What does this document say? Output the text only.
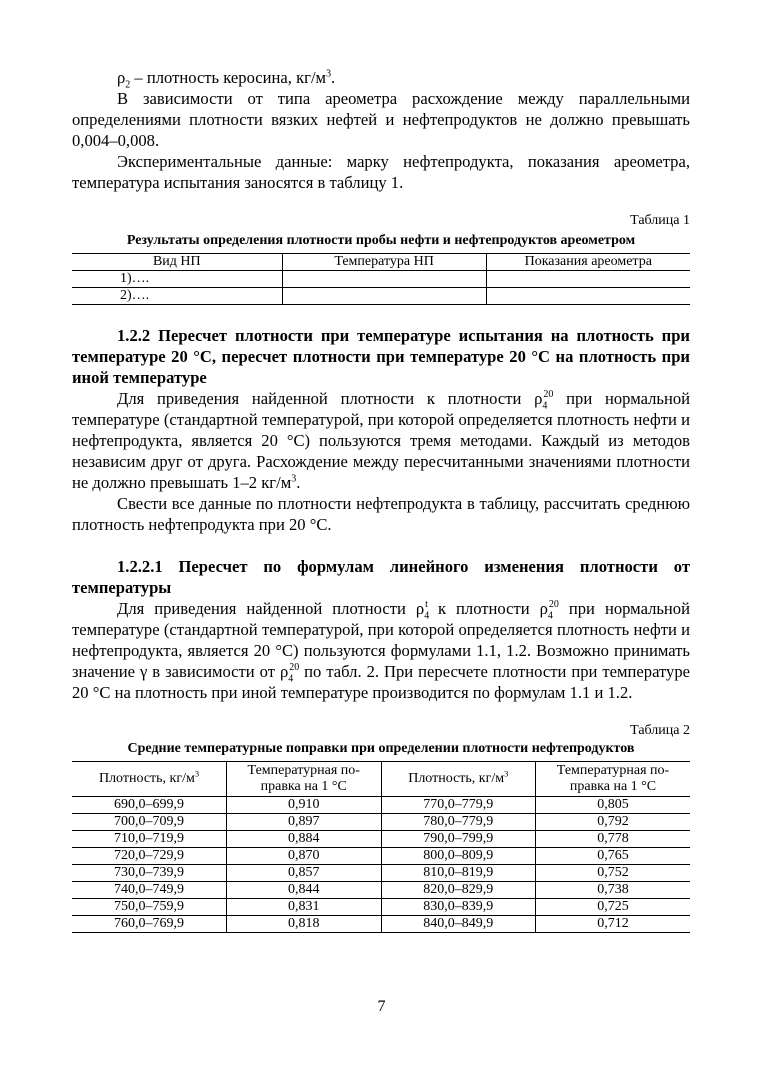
$\rho_2$ – плотность керосина, $кг/м^3$.

В зависимости от типа ареометра расхождение между параллельными определениями плотности вязких нефтей и нефтепродуктов не должно превышать 0,004–0,008.

Экспериментальные данные: марку нефтепродукта, показания ареометра, температура испытания заносятся в таблицу 1.

Таблица 1

Результаты определения плотности пробы нефти и нефтепродуктов ареометром

Вид НП	Температура НП	Показания ареометра
1)….		
2)….		

1.2.2 Пересчет плотности при температуре испытания на плотность при температуре 20 °С, пересчет плотности при температуре 20 °С на плотность при иной температуре

Для приведения найденной плотности к плотности $\rho_4^{20}$ при нормальной температуре (стандартной температурой, при которой определяется плотность нефти и нефтепродукта, является 20 °С) пользуются тремя методами. Каждый из методов независим друг от друга. Расхождение между пересчитанными значениями плотности не должно превышать 1–2 $кг/м^3$.

Свести все данные по плотности нефтепродукта в таблицу, рассчитать среднюю плотность нефтепродукта при 20 °С.

1.2.2.1 Пересчет по формулам линейного изменения плотности от температуры

Для приведения найденной плотности $\rho_4^t$ к плотности $\rho_4^{20}$ при нормальной температуре (стандартной температурой, при которой определяется плотность нефти и нефтепродукта, является 20 °С) пользуются формулами 1.1, 1.2. Возможно принимать значение γ в зависимости от $\rho_4^{20}$ по табл. 2. При пересчете плотности при температуре 20 °С на плотность при иной температуре производится по формулам 1.1 и 1.2.

Таблица 2

Средние температурные поправки при определении плотности нефтепродуктов

Плотность, $кг/м^3$	Температурная по-
правка на 1 °С	Плотность, $кг/м^3$	Температурная по-
правка на 1 °С
690,0–699,9	0,910	770,0–779,9	0,805
700,0–709,9	0,897	780,0–779,9	0,792
710,0–719,9	0,884	790,0–799,9	0,778
720,0–729,9	0,870	800,0–809,9	0,765
730,0–739,9	0,857	810,0–819,9	0,752
740,0–749,9	0,844	820,0–829,9	0,738
750,0–759,9	0,831	830,0–839,9	0,725
760,0–769,9	0,818	840,0–849,9	0,712
7
